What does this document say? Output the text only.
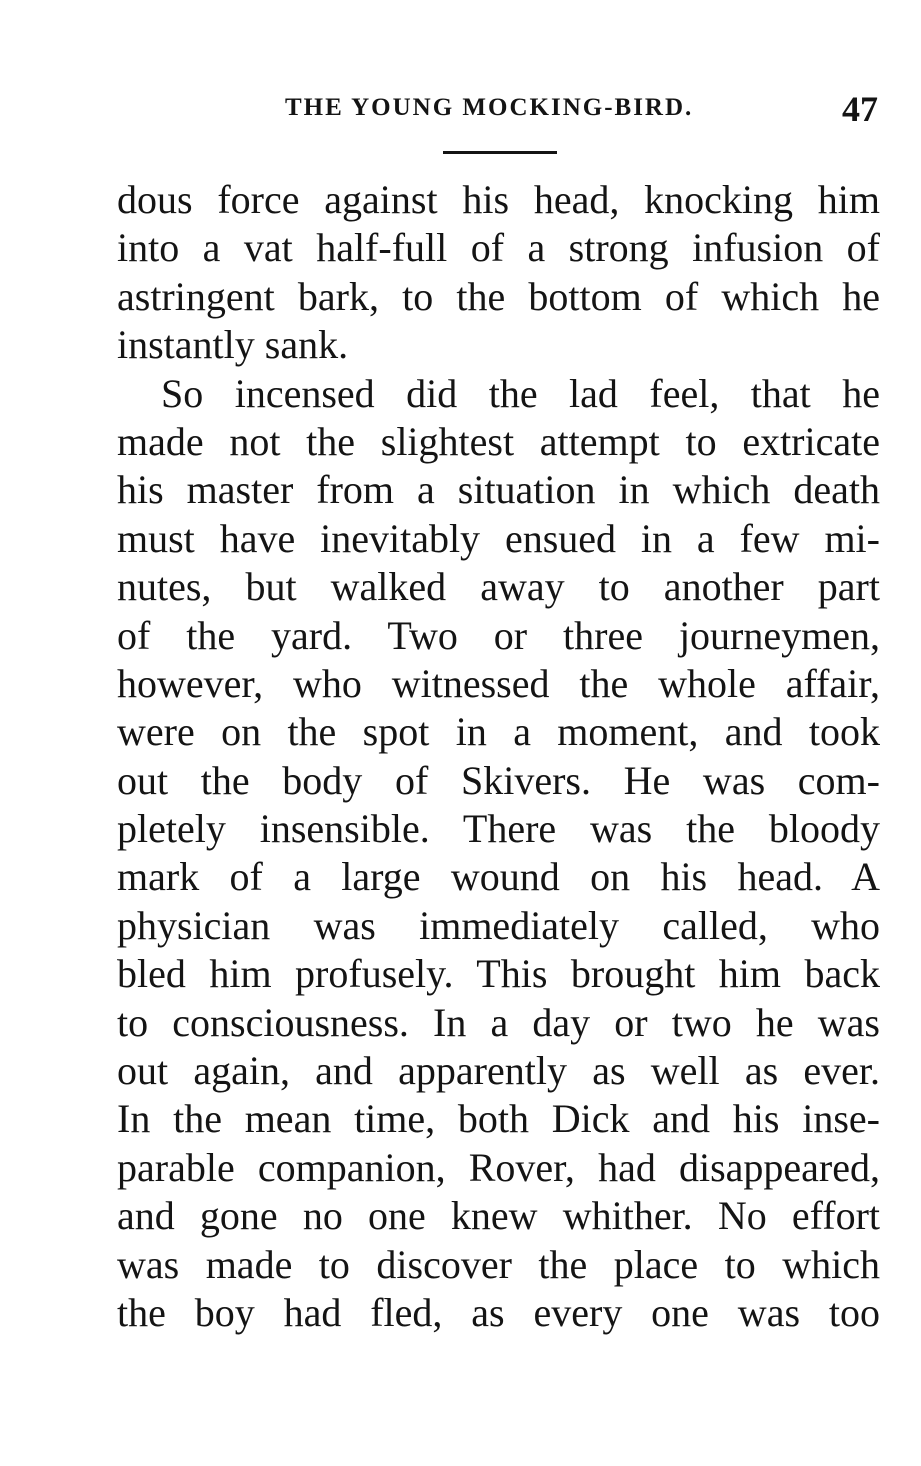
THE YOUNG MOCKING-BIRD.	47
dous force against his head, knocking him
into a vat half-full of a strong infusion of
astringent bark, to the bottom of which he
instantly sank.
So incensed did the lad feel, that he
made not the slightest attempt to extricate
his master from a situation in which death
must have inevitably ensued in a few mi-
nutes, but walked away to another part
of the yard. Two or three journeymen,
however, who witnessed the whole affair,
were on the spot in a moment, and took
out the body of Skivers. He was com-
pletely insensible. There was the bloody
mark of a large wound on his head. A
physician was immediately called, who
bled him profusely. This brought him back
to consciousness. In a day or two he was
out again, and apparently as well as ever.
In the mean time, both Dick and his inse-
parable companion, Rover, had disappeared,
and gone no one knew whither. No effort
was made to discover the place to which
the boy had fled, as every one was too
